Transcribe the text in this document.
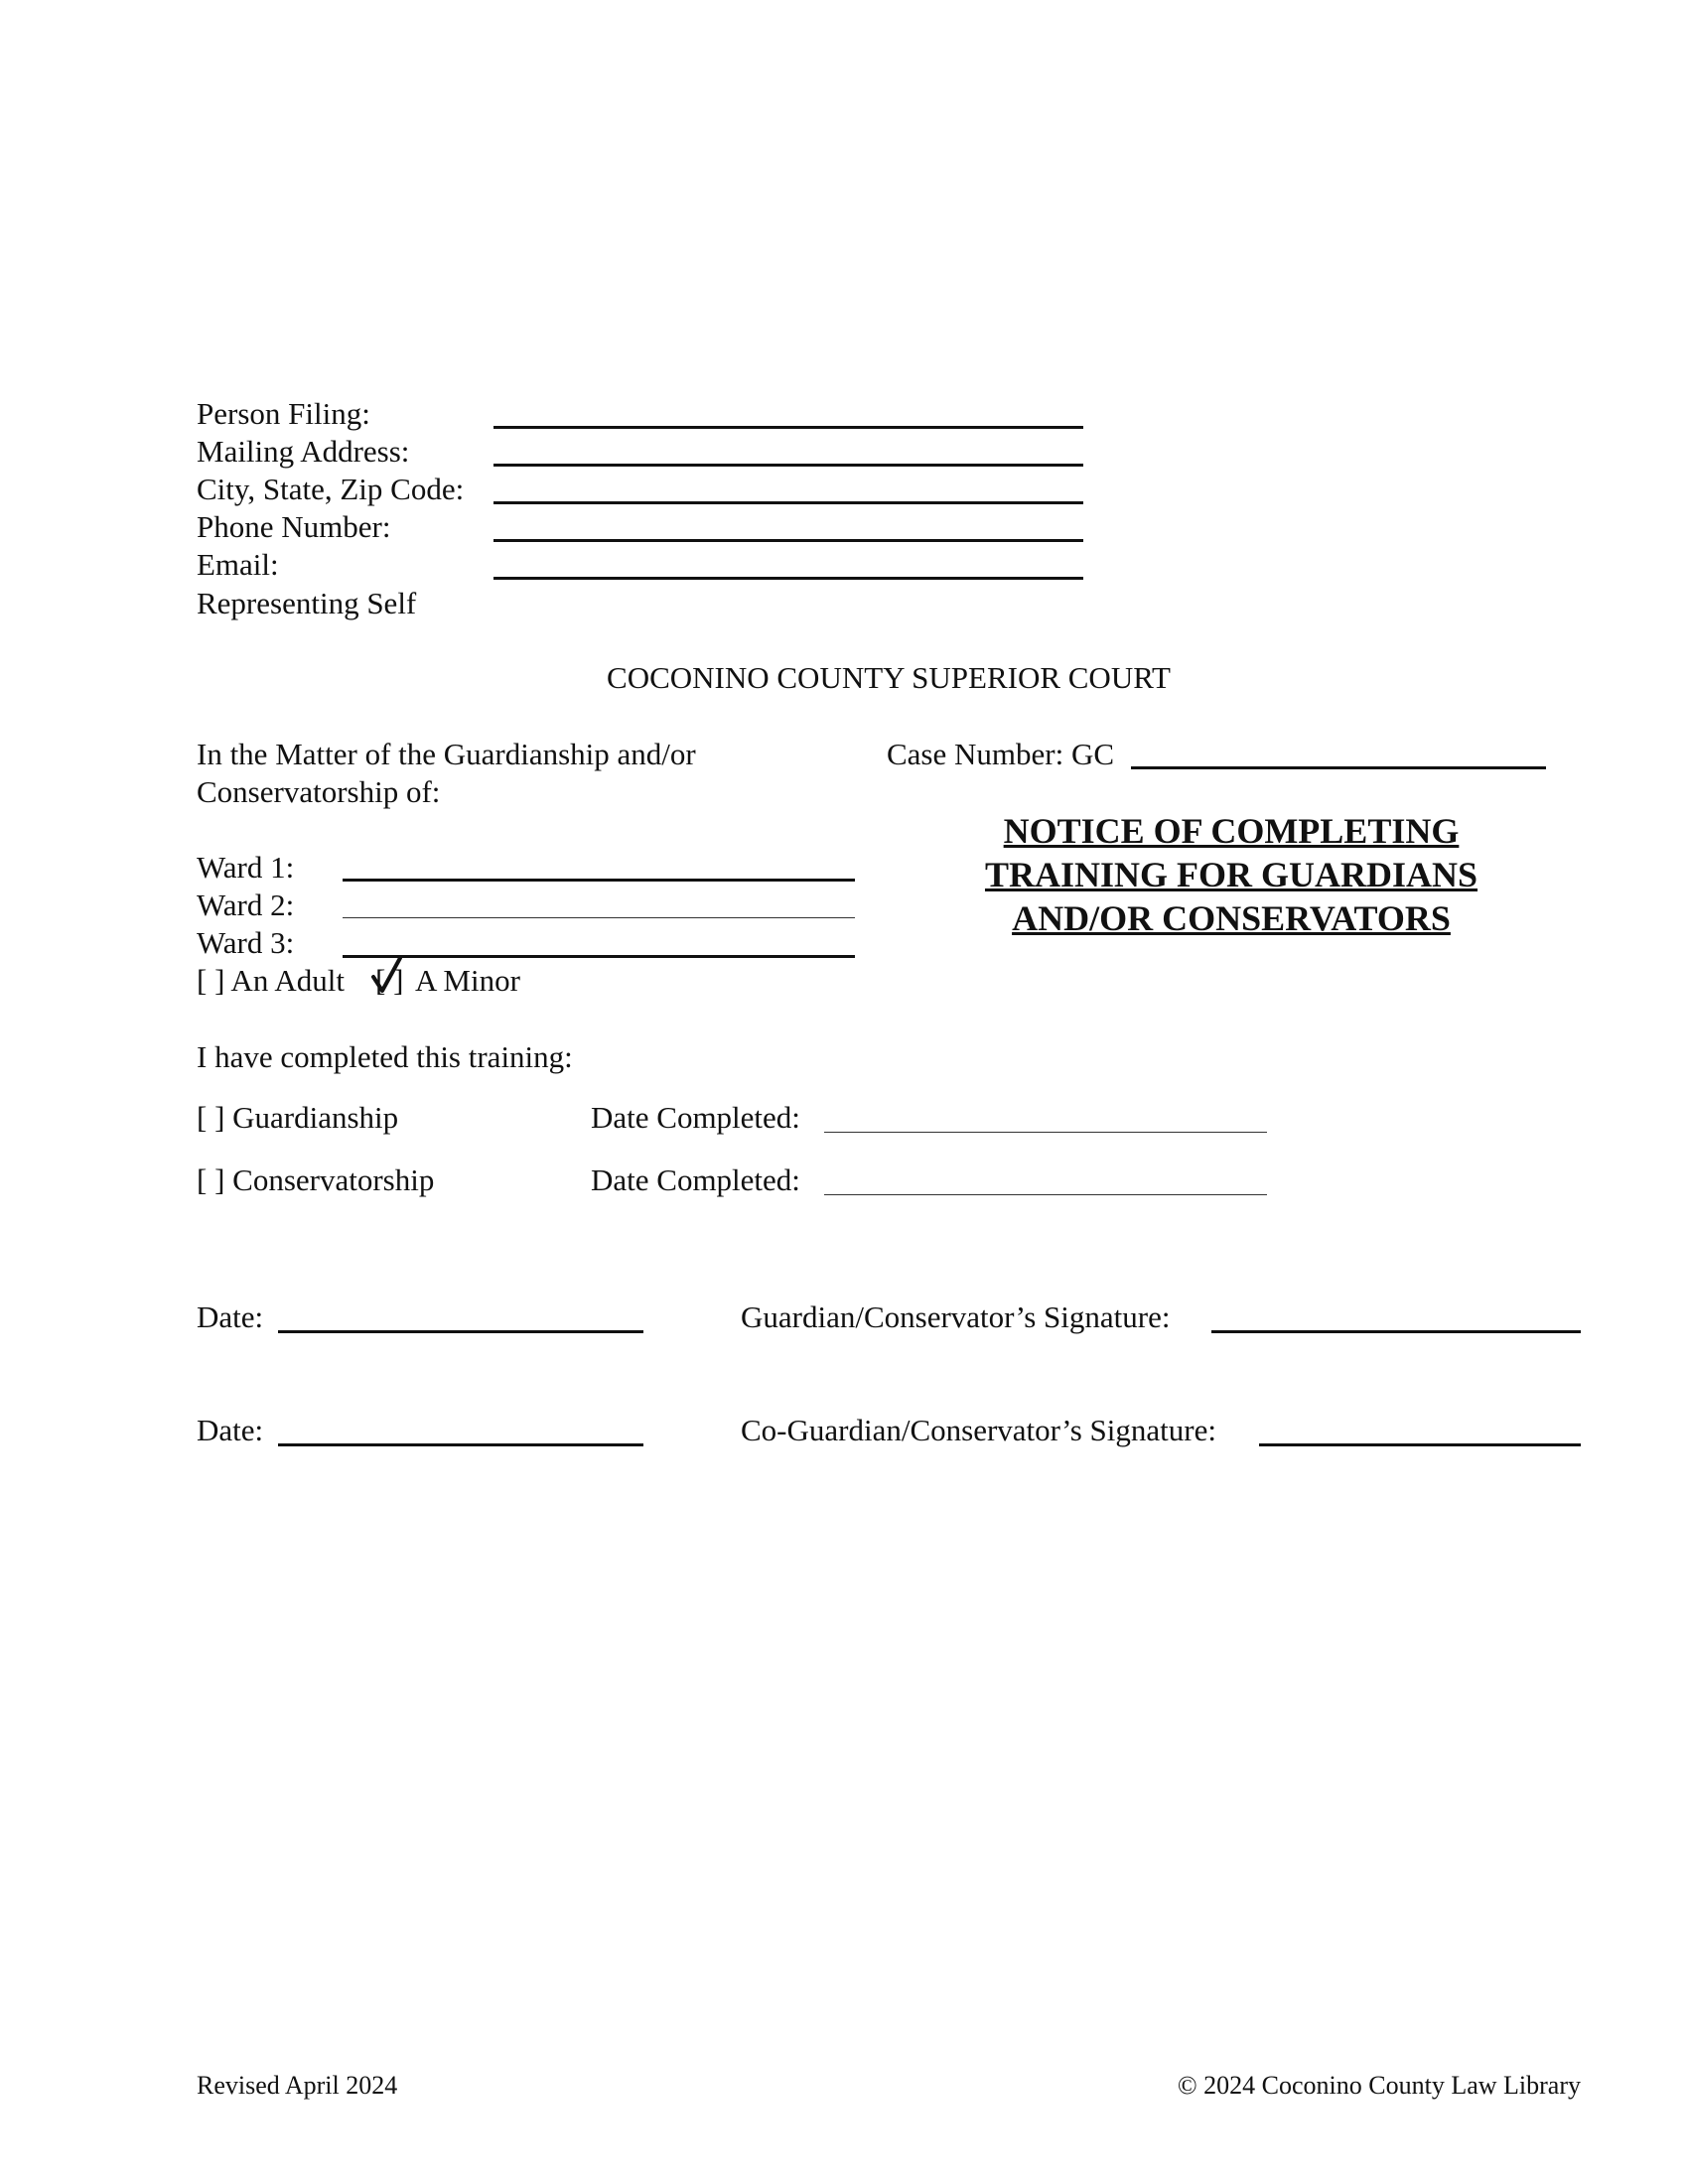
Person Filing:
Mailing Address:
City, State, Zip Code:
Phone Number:
Email:
Representing Self
COCONINO COUNTY SUPERIOR COURT
In the Matter of the Guardianship and/or
Conservatorship of:
Ward 1:
Ward 2:
Ward 3:
[ ] An Adult [ ] A Minor
Case Number: GC
NOTICE OF COMPLETING
TRAINING FOR GUARDIANS
AND/OR CONSERVATORS
I have completed this training:
[ ] Guardianship	Date Completed:
[ ] Conservatorship	Date Completed:
Date:	Guardian/Conservator’s Signature:
Date:	Co-Guardian/Conservator’s Signature:
Revised April 2024	© 2024 Coconino County Law Library
